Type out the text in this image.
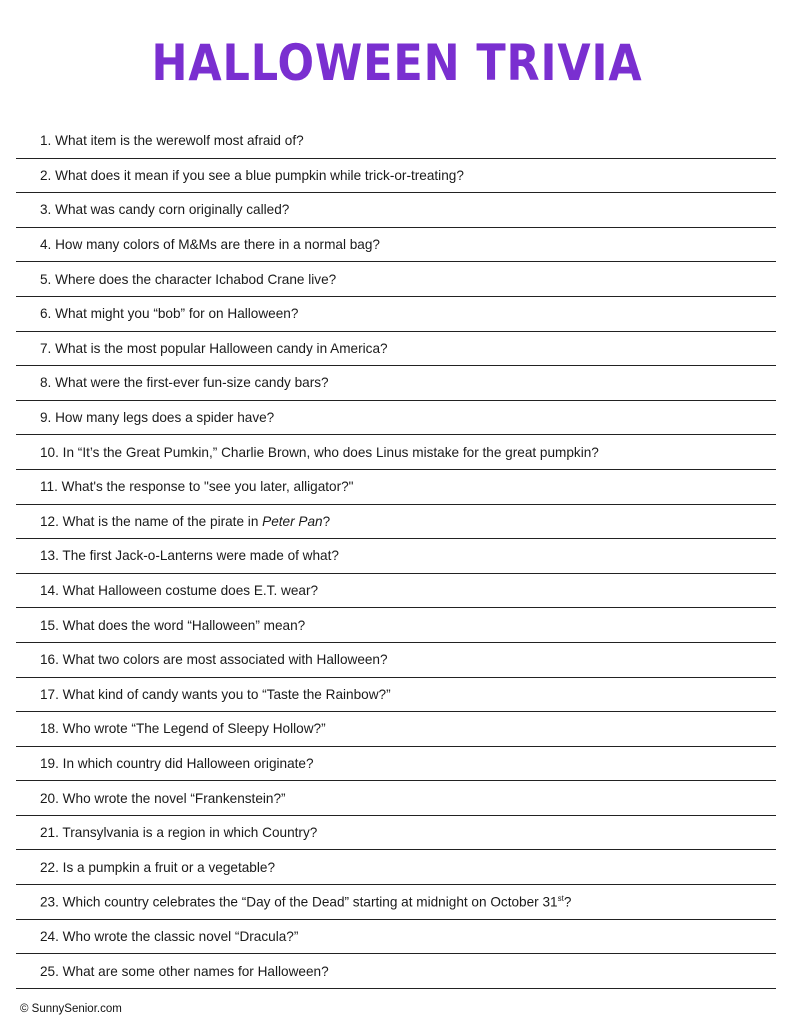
HALLOWEEN TRIVIA
1. What item is the werewolf most afraid of?
2. What does it mean if you see a blue pumpkin while trick-or-treating?
3. What was candy corn originally called?
4. How many colors of M&Ms are there in a normal bag?
5. Where does the character Ichabod Crane live?
6. What might you “bob” for on Halloween?
7. What is the most popular Halloween candy in America?
8. What were the first-ever fun-size candy bars?
9. How many legs does a spider have?
10. In “It’s the Great Pumkin,” Charlie Brown, who does Linus mistake for the great pumpkin?
11. What's the response to "see you later, alligator?"
12. What is the name of the pirate in Peter Pan?
13. The first Jack-o-Lanterns were made of what?
14. What Halloween costume does E.T. wear?
15. What does the word “Halloween” mean?
16. What two colors are most associated with Halloween?
17. What kind of candy wants you to “Taste the Rainbow?”
18. Who wrote “The Legend of Sleepy Hollow?”
19. In which country did Halloween originate?
20. Who wrote the novel “Frankenstein?”
21. Transylvania is a region in which Country?
22. Is a pumpkin a fruit or a vegetable?
23. Which country celebrates the “Day of the Dead” starting at midnight on October 31st?
24. Who wrote the classic novel “Dracula?”
25. What are some other names for Halloween?
© SunnySenior.com
